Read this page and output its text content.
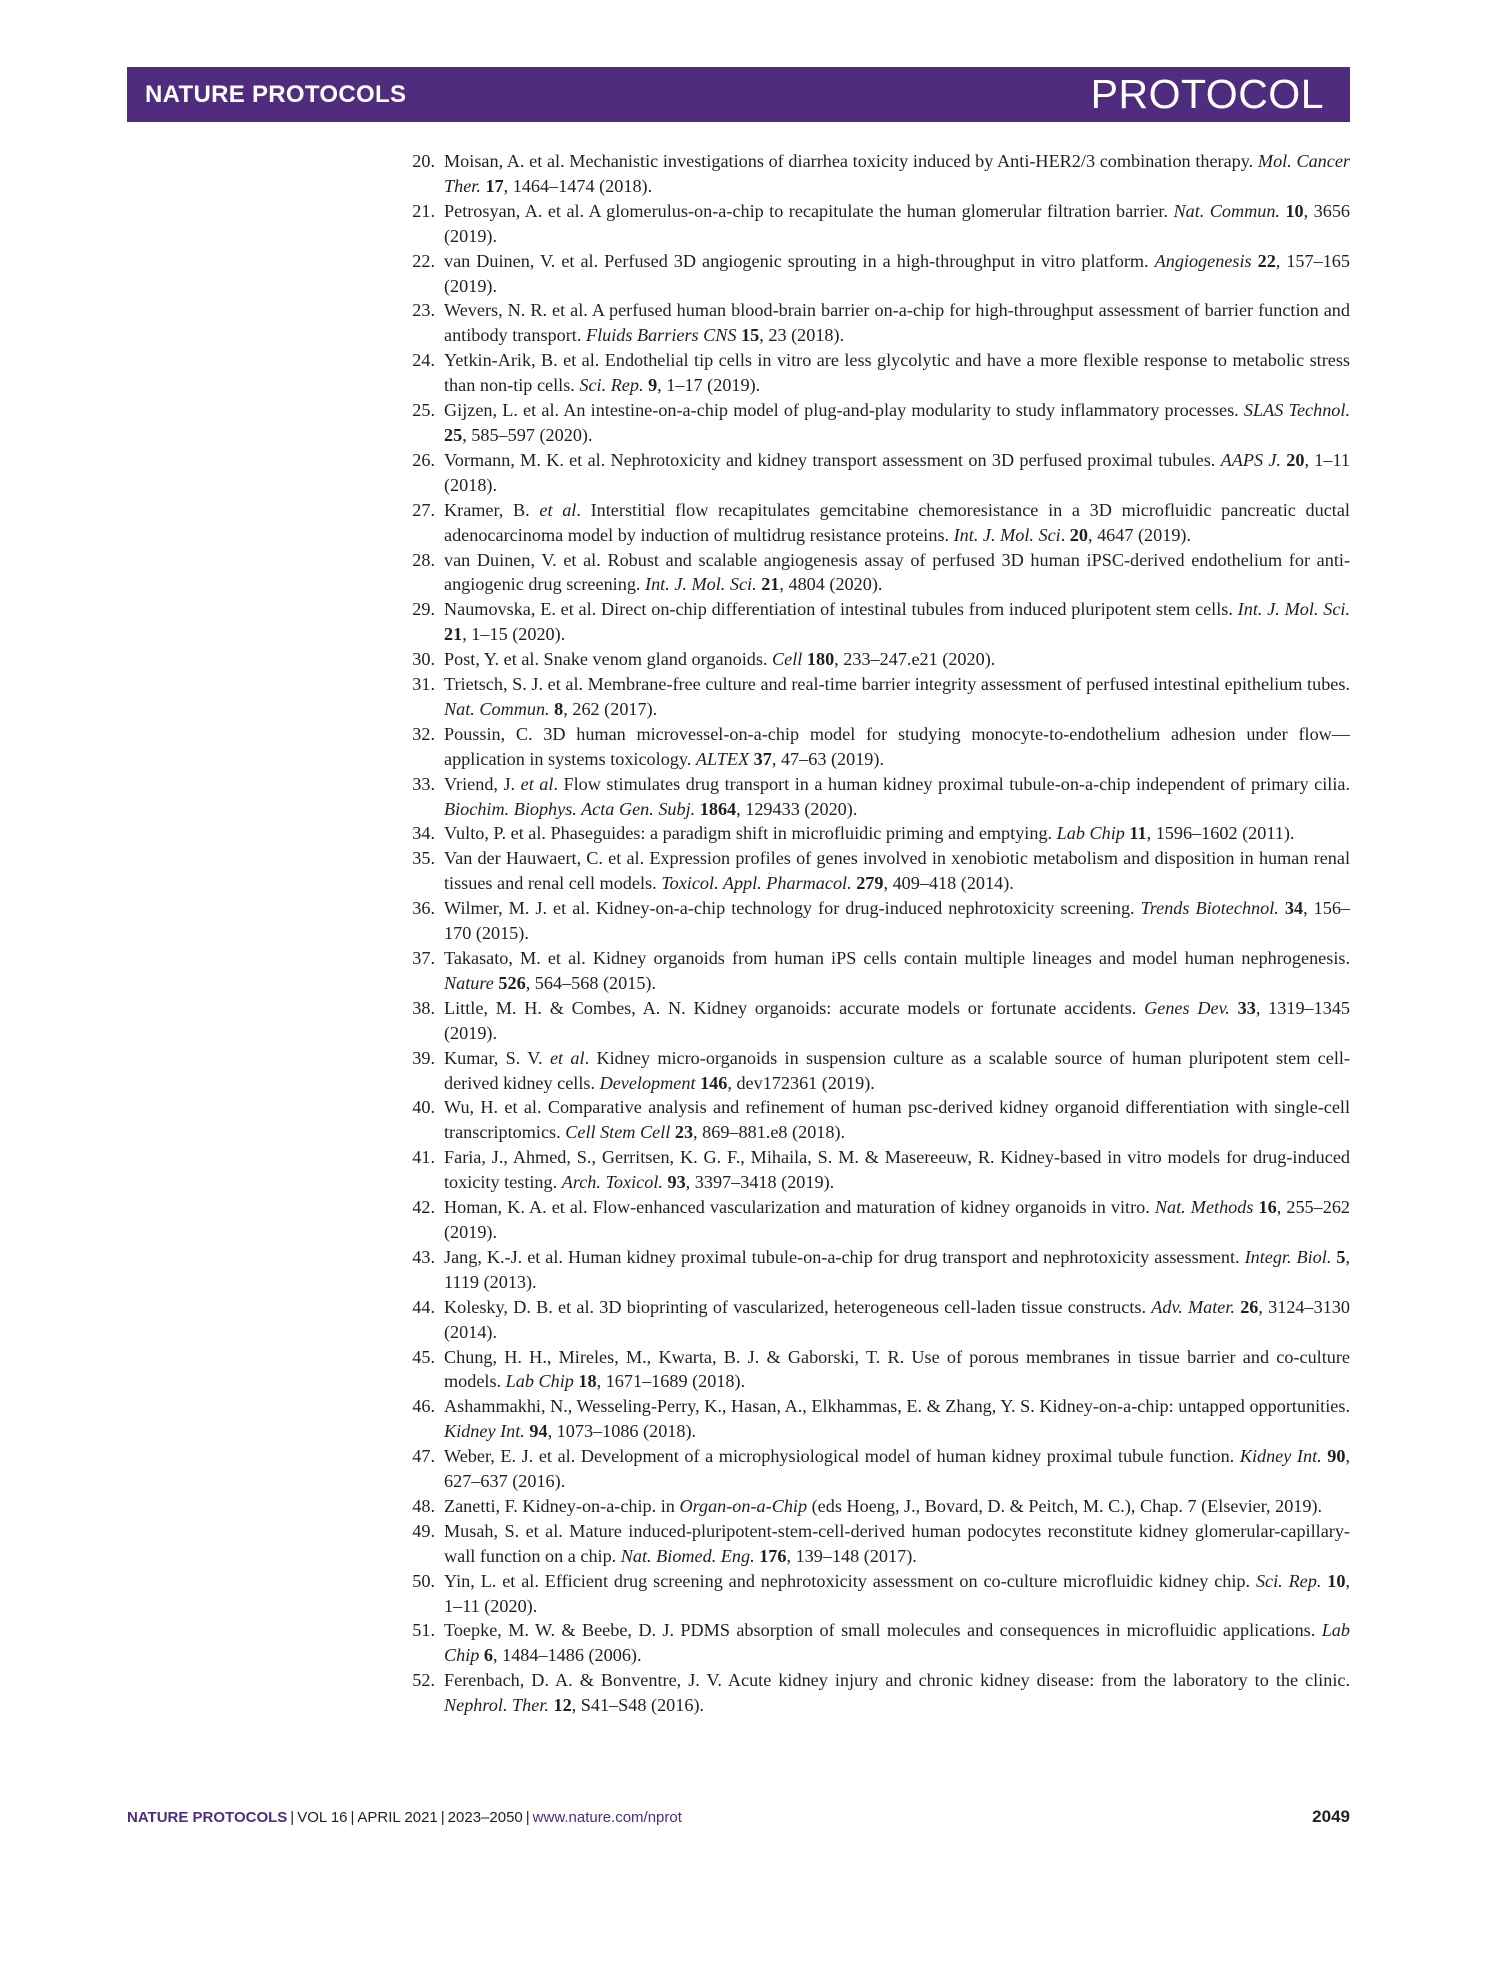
NATURE PROTOCOLS	PROTOCOL
20. Moisan, A. et al. Mechanistic investigations of diarrhea toxicity induced by Anti-HER2/3 combination therapy. Mol. Cancer Ther. 17, 1464–1474 (2018).
21. Petrosyan, A. et al. A glomerulus-on-a-chip to recapitulate the human glomerular filtration barrier. Nat. Commun. 10, 3656 (2019).
22. van Duinen, V. et al. Perfused 3D angiogenic sprouting in a high-throughput in vitro platform. Angiogenesis 22, 157–165 (2019).
23. Wevers, N. R. et al. A perfused human blood-brain barrier on-a-chip for high-throughput assessment of barrier function and antibody transport. Fluids Barriers CNS 15, 23 (2018).
24. Yetkin-Arik, B. et al. Endothelial tip cells in vitro are less glycolytic and have a more flexible response to metabolic stress than non-tip cells. Sci. Rep. 9, 1–17 (2019).
25. Gijzen, L. et al. An intestine-on-a-chip model of plug-and-play modularity to study inflammatory processes. SLAS Technol. 25, 585–597 (2020).
26. Vormann, M. K. et al. Nephrotoxicity and kidney transport assessment on 3D perfused proximal tubules. AAPS J. 20, 1–11 (2018).
27. Kramer, B. et al. Interstitial flow recapitulates gemcitabine chemoresistance in a 3D microfluidic pancreatic ductal adenocarcinoma model by induction of multidrug resistance proteins. Int. J. Mol. Sci. 20, 4647 (2019).
28. van Duinen, V. et al. Robust and scalable angiogenesis assay of perfused 3D human iPSC-derived endothelium for anti-angiogenic drug screening. Int. J. Mol. Sci. 21, 4804 (2020).
29. Naumovska, E. et al. Direct on-chip differentiation of intestinal tubules from induced pluripotent stem cells. Int. J. Mol. Sci. 21, 1–15 (2020).
30. Post, Y. et al. Snake venom gland organoids. Cell 180, 233–247.e21 (2020).
31. Trietsch, S. J. et al. Membrane-free culture and real-time barrier integrity assessment of perfused intestinal epithelium tubes. Nat. Commun. 8, 262 (2017).
32. Poussin, C. 3D human microvessel-on-a-chip model for studying monocyte-to-endothelium adhesion under flow—application in systems toxicology. ALTEX 37, 47–63 (2019).
33. Vriend, J. et al. Flow stimulates drug transport in a human kidney proximal tubule-on-a-chip independent of primary cilia. Biochim. Biophys. Acta Gen. Subj. 1864, 129433 (2020).
34. Vulto, P. et al. Phaseguides: a paradigm shift in microfluidic priming and emptying. Lab Chip 11, 1596–1602 (2011).
35. Van der Hauwaert, C. et al. Expression profiles of genes involved in xenobiotic metabolism and disposition in human renal tissues and renal cell models. Toxicol. Appl. Pharmacol. 279, 409–418 (2014).
36. Wilmer, M. J. et al. Kidney-on-a-chip technology for drug-induced nephrotoxicity screening. Trends Biotechnol. 34, 156–170 (2015).
37. Takasato, M. et al. Kidney organoids from human iPS cells contain multiple lineages and model human nephrogenesis. Nature 526, 564–568 (2015).
38. Little, M. H. & Combes, A. N. Kidney organoids: accurate models or fortunate accidents. Genes Dev. 33, 1319–1345 (2019).
39. Kumar, S. V. et al. Kidney micro-organoids in suspension culture as a scalable source of human pluripotent stem cell-derived kidney cells. Development 146, dev172361 (2019).
40. Wu, H. et al. Comparative analysis and refinement of human psc-derived kidney organoid differentiation with single-cell transcriptomics. Cell Stem Cell 23, 869–881.e8 (2018).
41. Faria, J., Ahmed, S., Gerritsen, K. G. F., Mihaila, S. M. & Masereeuw, R. Kidney-based in vitro models for drug-induced toxicity testing. Arch. Toxicol. 93, 3397–3418 (2019).
42. Homan, K. A. et al. Flow-enhanced vascularization and maturation of kidney organoids in vitro. Nat. Methods 16, 255–262 (2019).
43. Jang, K.-J. et al. Human kidney proximal tubule-on-a-chip for drug transport and nephrotoxicity assessment. Integr. Biol. 5, 1119 (2013).
44. Kolesky, D. B. et al. 3D bioprinting of vascularized, heterogeneous cell-laden tissue constructs. Adv. Mater. 26, 3124–3130 (2014).
45. Chung, H. H., Mireles, M., Kwarta, B. J. & Gaborski, T. R. Use of porous membranes in tissue barrier and co-culture models. Lab Chip 18, 1671–1689 (2018).
46. Ashammakhi, N., Wesseling-Perry, K., Hasan, A., Elkhammas, E. & Zhang, Y. S. Kidney-on-a-chip: untapped opportunities. Kidney Int. 94, 1073–1086 (2018).
47. Weber, E. J. et al. Development of a microphysiological model of human kidney proximal tubule function. Kidney Int. 90, 627–637 (2016).
48. Zanetti, F. Kidney-on-a-chip. in Organ-on-a-Chip (eds Hoeng, J., Bovard, D. & Peitch, M. C.), Chap. 7 (Elsevier, 2019).
49. Musah, S. et al. Mature induced-pluripotent-stem-cell-derived human podocytes reconstitute kidney glomerular-capillary-wall function on a chip. Nat. Biomed. Eng. 176, 139–148 (2017).
50. Yin, L. et al. Efficient drug screening and nephrotoxicity assessment on co-culture microfluidic kidney chip. Sci. Rep. 10, 1–11 (2020).
51. Toepke, M. W. & Beebe, D. J. PDMS absorption of small molecules and consequences in microfluidic applications. Lab Chip 6, 1484–1486 (2006).
52. Ferenbach, D. A. & Bonventre, J. V. Acute kidney injury and chronic kidney disease: from the laboratory to the clinic. Nephrol. Ther. 12, S41–S48 (2016).
NATURE PROTOCOLS | VOL 16 | APRIL 2021 | 2023–2050 | www.nature.com/nprot	2049
